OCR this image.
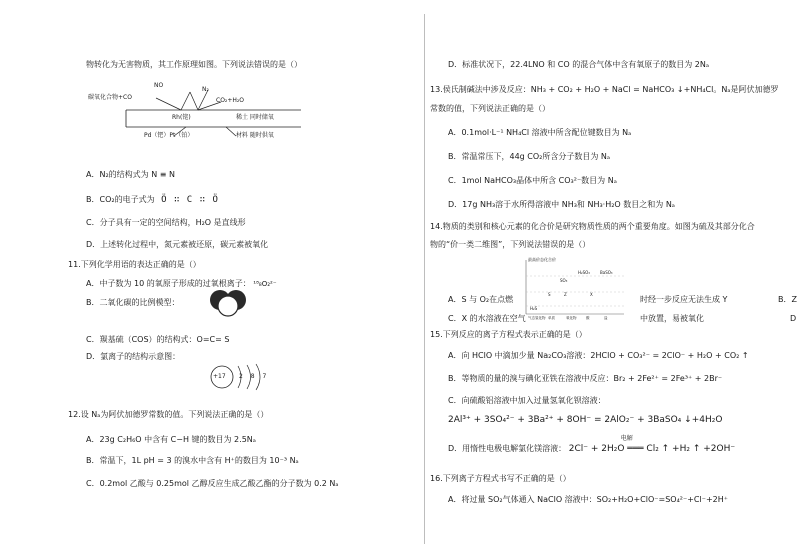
物转化为无害物质，其工作原理如图。下列说法错误的是（）
NO
N₂
CO₂+H₂O
碳氧化合物+CO
Rh(铑)	稀土 同时储氧
Pd（钯）Pt（铂）	材料 随时供氧
A．N₂的结构式为 N ≡ N
B．CO₂的电子式为 Ö ∷ C ∷ Ö
C．分子具有一定的空间结构，H₂O 是直线形
D．上述转化过程中，氮元素被还原，碳元素被氧化
11.下列化学用语的表达正确的是（）
A．中子数为 10 的氧原子形成的过氧根离子： ¹⁸₈O₂²⁻
B．二氧化碳的比例模型：
C．羰基硫（COS）的结构式：O=C= S
D．氯离子的结构示意图：
+17 2 8 7
12.设 Nₐ为阿伏加德罗常数的值。下列说法正确的是（）
A．23g C₂H₆O 中含有 C−H 键的数目为 2.5Nₐ
B．常温下，1L pH = 3 的溴水中含有 H⁺的数目为 10⁻³ Nₐ
C．0.2mol 乙酸与 0.25mol 乙醇反应生成乙酸乙酯的分子数为 0.2 Nₐ
D．标准状况下，22.4LNO 和 CO 的混合气体中含有氧原子的数目为 2Nₐ
13.侯氏制碱法中涉及反应：NH₃ + CO₂ + H₂O + NaCl = NaHCO₃ ↓+NH₄Cl。Nₐ是阿伏加德罗
常数的值，下列说法正确的是（）
A．0.1mol·L⁻¹ NH₄Cl 溶液中所含配位键数目为 Nₐ
B．常温常压下，44g CO₂所含分子数目为 Nₐ
C．1mol NaHCO₃晶体中所含 CO₃²⁻数目为 Nₐ
D．17g NH₃溶于水所得溶液中 NH₃和 NH₃·H₂O 数目之和为 Nₐ
14.物质的类别和核心元素的化合价是研究物质性质的两个重要角度。如图为硫及其部分化合
物的“价一类二维图”，下列说法错误的是（）
最高价态化合价
H₂SO₃	BaSO₃
SO₃
S	Z	X
H₂S
气态氢化物 单质	氧化物	酸	盐
A．S 与 O₂在点燃	时经一步反应无法生成 Y	B．Z
C．X 的水溶液在空气	中放置，易被氧化	D
15.下列反应的离子方程式表示正确的是（）
A．向 HClO 中滴加少量 Na₂CO₃溶液：2HClO + CO₃²⁻ = 2ClO⁻ + H₂O + CO₂ ↑
B．等物质的量的溴与碘化亚铁在溶液中反应：Br₂ + 2Fe²⁺ = 2Fe³⁺ + 2Br⁻
C．向硫酸铝溶液中加入过量氢氧化钡溶液：
2Al³⁺ + 3SO₄²⁻ + 3Ba²⁺ + 8OH⁻ = 2AlO₂⁻ + 3BaSO₄ ↓+4H₂O
D．用惰性电极电解氯化镁溶液：
电解
2Cl⁻ + 2H₂O ═══ Cl₂ ↑ +H₂ ↑ +2OH⁻
16.下列离子方程式书写不正确的是（）
A．将过量 SO₂气体通入 NaClO 溶液中：SO₂+H₂O+ClO⁻=SO₄²⁻+Cl⁻+2H⁺
